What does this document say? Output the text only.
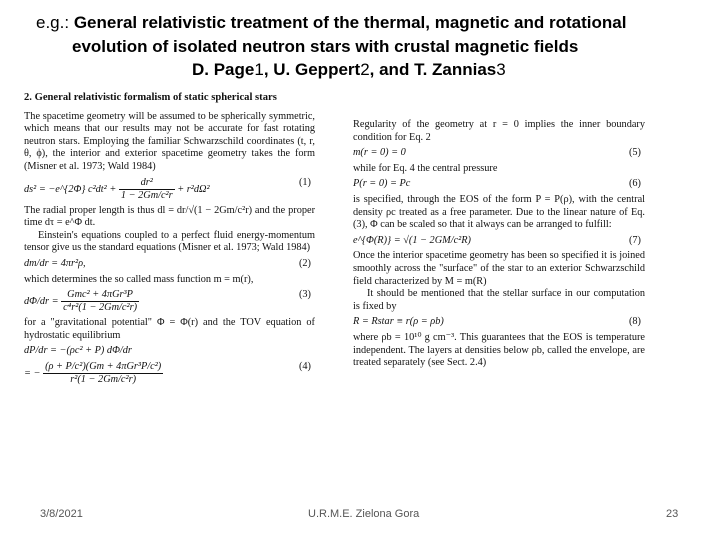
e.g.: General relativistic treatment of the thermal, magnetic and rotational
evolution of isolated neutron stars with crustal magnetic fields
D. Page1, U. Geppert2, and T. Zannias3
2. General relativistic formalism of static spherical stars

The spacetime geometry will be assumed to be spherically symmetric, which means that our results may not be accurate for fast rotating neutron stars. Employing the familiar Schwarzschild coordinates (t, r, θ, ϕ), the interior and exterior spacetime geometry takes the form (Misner et al. 1973; Wald 1984)

ds² = −e^{2Φ} $c^2dt^2 + \frac{\text{dr²}}{\text{1 − 2Gm/c²r}} + r^2d\Omega^2$
(1)

The radial proper length is thus dl = dr/√(1 − 2Gm/c²r) and the proper time dτ = e^Φ dt.

Einstein's equations coupled to a perfect fluid energy-momentum tensor give us the standard equations (Misner et al. 1973; Wald 1984)

dm/dr = 4πr²ρ,	(2)

which determines the so called mass function m = m(r),

$d\Phi/dr = \frac{\text{Gmc² + 4πGr³P}}{\text{c⁴r²(1 − 2Gm/c²r)}}$	(3)

for a "gravitational potential" Φ = Φ(r) and the TOV equation of hydrostatic equilibrium

dP/dr = −(ρc² + P) dΦ/dr
= − $\frac{\text{(ρ + P/c²)(Gm + 4πGr³P/c²)}}{\text{r²(1 − 2Gm/c²r)}}$	(4)

Regularity of the geometry at r = 0 implies the inner boundary condition for Eq. 2

m(r = 0) = 0	(5)

while for Eq. 4 the central pressure

P(r = 0) = Pc	(6)

is specified, through the EOS of the form P = P(ρ), with the central density ρc treated as a free parameter. Due to the linear nature of Eq. (3), Φ can be scaled so that it always can be arranged to fulfill:

e^{Φ(R)} = √(1 − 2GM/c²R)	(7)

Once the interior spacetime geometry has been so specified it is joined smoothly across the "surface" of the star to an exterior Schwarzschild field characterized by M = m(R)

It should be mentioned that the stellar surface in our computation is fixed by

R = Rstar ≡ r(ρ = ρb)	(8)

where ρb = 10¹⁰ g cm⁻³. This guarantees that the EOS is temperature independent. The layers at densities below ρb, called the envelope, are treated separately (see Sect. 2.4)

3/8/2021	U.R.M.E. Zielona Gora	23
